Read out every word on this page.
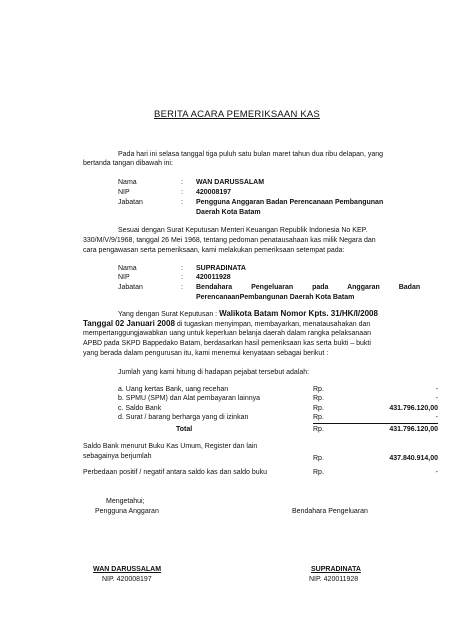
BERITA ACARA PEMERIKSAAN KAS
Pada hari ini selasa tanggal tiga puluh satu bulan maret tahun dua ribu delapan, yang
bertanda tangan dibawah ini:
Nama	: WAN DARUSSALAM
NIP	: 420008197
Jabatan	: Pengguna Anggaran Badan Perencanaan Pembangunan
Daerah Kota Batam
Sesuai dengan Surat Keputusan Menteri Keuangan Republik Indonesia No KEP.
330/M/V/9/1968, tanggal 26 Mei 1968, tentang pedoman penatausahaan kas milik Negara dan
cara pengawasan serta pemeriksaan, kami melakukan pemeriksaan setempat pada:
Nama	: SUPRADINATA
NIP	: 420011928
Jabatan	: Bendahara Pengeluaran pada Anggaran Badan
PerencanaanPembangunan Daerah Kota Batam
Yang dengan Surat Keputusan : Walikota Batam Nomor Kpts. 31/HK/I/2008
Tanggal 02 Januari 2008 di tugaskan menyimpan, membayarkan, menatausahakan dan
mempertanggungjawabkan uang untuk keperluan belanja daerah dalam rangka pelaksanaan
APBD pada SKPD Bappedako Batam, berdasarkan hasil pemeriksaan kas serta bukti – bukti
yang berada dalam pengurusan itu, kami menemui kenyataan sebagai berikut :
Jumlah yang kami hitung di hadapan pejabat tersebut adalah:
a. Uang kertas Bank, uang recehan	Rp.	-
b. SPMU (SPM) dan Alat pembayaran lainnya	Rp.	-
c. Saldo Bank	Rp.	431.796.120,00
d. Surat / barang berharga yang di izinkan	Rp.	-
Total	Rp.	431.796.120,00
Saldo Bank menurut Buku Kas Umum, Register dan lain
sebagainya berjumlah	Rp.	437.840.914,00
Perbedaan positif / negatif antara saldo kas dan saldo buku	Rp.	-
Mengetahui;
Pengguna Anggaran	Bendahara Pengeluaran
WAN DARUSSALAM
NIP. 420008197
SUPRADINATA
NIP. 420011928
